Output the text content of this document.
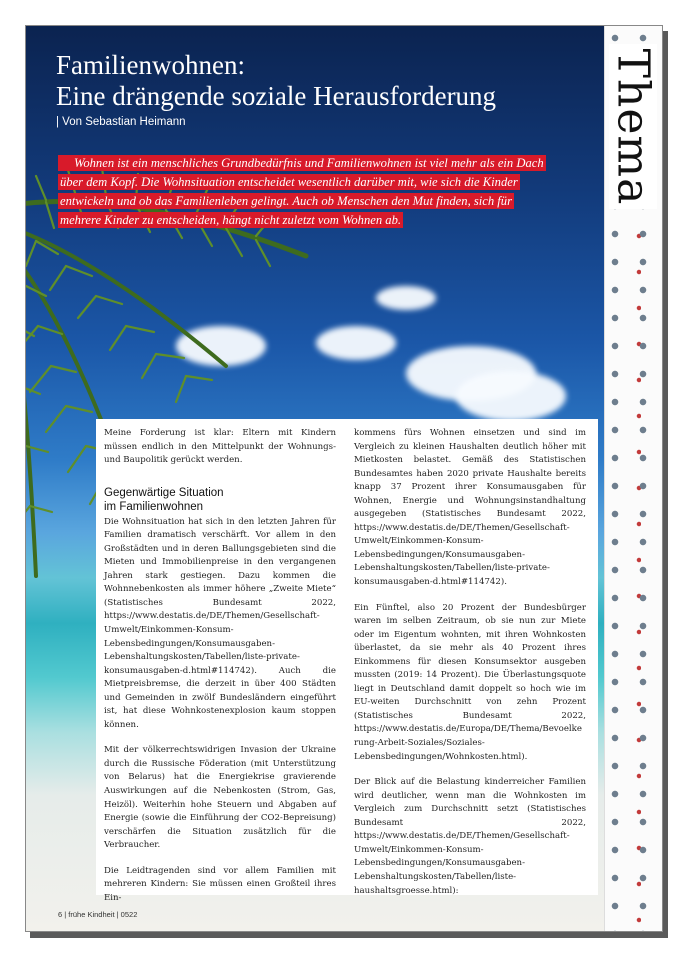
Thema
Familienwohnen:
Eine drängende soziale Herausforderung
| Von Sebastian Heimann
Wohnen ist ein menschliches Grundbedürfnis und Familienwohnen ist viel mehr als ein Dach
über dem Kopf. Die Wohnsituation entscheidet wesentlich darüber mit, wie sich die Kinder
entwickeln und ob das Familienleben gelingt. Auch ob Menschen den Mut finden, sich für
mehrere Kinder zu entscheiden, hängt nicht zuletzt vom Wohnen ab.

Meine Forderung ist klar: Eltern mit Kindern müssen endlich in den Mittelpunkt der Wohnungs- und Baupolitik gerückt werden.

Gegenwärtige Situation
im Familienwohnen

Die Wohnsituation hat sich in den letzten Jahren für Familien dramatisch verschärft. Vor allem in den Großstädten und in deren Ballungsgebieten sind die Mieten und Immobilienpreise in den vergangenen Jahren stark gestiegen. Dazu kommen die Wohnnebenkosten als immer höhere „Zweite Miete“ (Statistisches Bundesamt 2022, https://www.destatis.de/DE/Themen/Gesellschaft-Umwelt/Einkommen-Konsum-Lebensbedingungen/Konsumausgaben-Lebenshaltungskosten/Tabellen/liste-private-konsumausgaben-d.html#114742). Auch die Mietpreisbremse, die derzeit in über 400 Städten und Gemeinden in zwölf Bundesländern eingeführt ist, hat diese Wohnkostenexplosion kaum stoppen können.

Mit der völkerrechtswidrigen Invasion der Ukraine durch die Russische Föderation (mit Unterstützung von Belarus) hat die Energiekrise gravierende Auswirkungen auf die Nebenkosten (Strom, Gas, Heizöl). Weiterhin hohe Steuern und Abgaben auf Energie (sowie die Einführung der CO2-Bepreisung) verschärfen die Situation zusätzlich für die Verbraucher.

Die Leidtragenden sind vor allem Familien mit mehreren Kindern: Sie müssen einen Großteil ihres Ein-

kommens fürs Wohnen einsetzen und sind im Vergleich zu kleinen Haushalten deutlich höher mit Mietkosten belastet. Gemäß des Statistischen Bundesamtes haben 2020 private Haushalte bereits knapp 37 Prozent ihrer Konsumausgaben für Wohnen, Energie und Wohnungsinstandhaltung ausgegeben (Statistisches Bundesamt 2022, https://www.destatis.de/DE/Themen/Gesellschaft-Umwelt/Einkommen-Konsum-Lebensbedingungen/Konsumausgaben-Lebenshaltungskosten/Tabellen/liste-private-konsumausgaben-d.html#114742).

Ein Fünftel, also 20 Prozent der Bundesbürger waren im selben Zeitraum, ob sie nun zur Miete oder im Eigentum wohnten, mit ihren Wohnkosten überlastet, da sie mehr als 40 Prozent ihres Einkommens für diesen Konsumsektor ausgeben mussten (2019: 14 Prozent). Die Überlastungsquote liegt in Deutschland damit doppelt so hoch wie im EU-weiten Durchschnitt von zehn Prozent (Statistisches Bundesamt 2022, https://www.destatis.de/Europa/DE/Thema/Bevoelkerung-Arbeit-Soziales/Soziales-Lebensbedingungen/Wohnkosten.html).

Der Blick auf die Belastung kinderreicher Familien wird deutlicher, wenn man die Wohnkosten im Vergleich zum Durchschnitt setzt (Statistisches Bundesamt 2022, https://www.destatis.de/DE/Themen/Gesellschaft-Umwelt/Einkommen-Konsum-Lebensbedingungen/Konsumausgaben-Lebenshaltungskosten/Tabellen/liste-haushaltsgroesse.html):

6 | frühe Kindheit | 0522
